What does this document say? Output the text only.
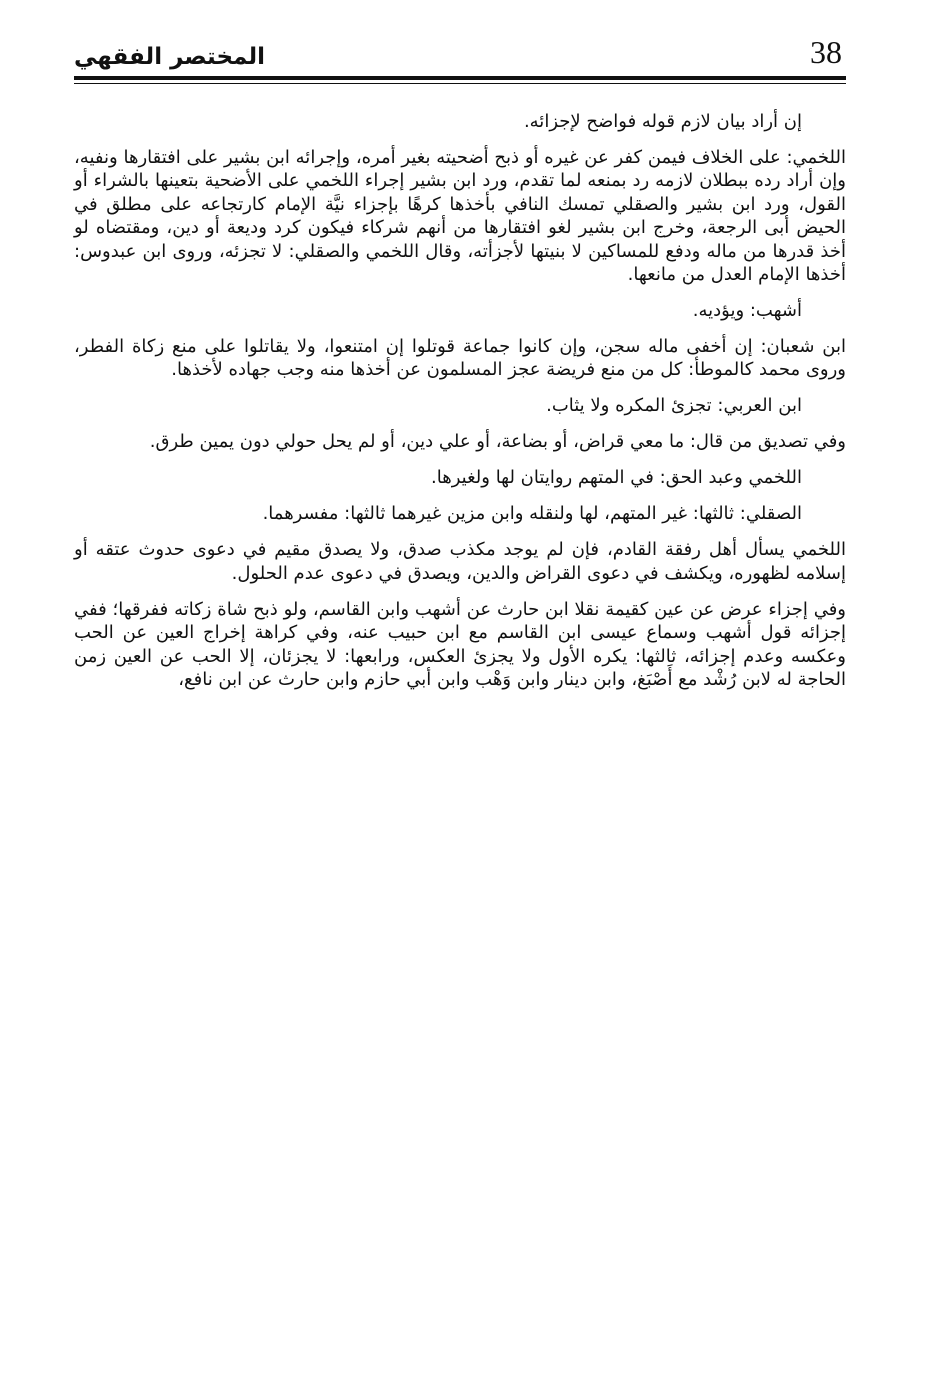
38
المختصر الفقهي

إن أراد بيان لازم قوله فواضح لإجزائه.

اللخمي: على الخلاف فيمن كفر عن غيره أو ذبح أضحيته بغير أمره، وإجرائه ابن بشير على افتقارها ونفيه، وإن أراد رده ببطلان لازمه رد بمنعه لما تقدم، ورد ابن بشير إجراء اللخمي على الأضحية بتعينها بالشراء أو القول، ورد ابن بشير والصقلي تمسك النافي بأخذها كرهًا بإجزاء نيَّة الإمام كارتجاعه على مطلق في الحيض أبى الرجعة، وخرج ابن بشير لغو افتقارها من أنهم شركاء فيكون كرد وديعة أو دين، ومقتضاه لو أخذ قدرها من ماله ودفع للمساكين لا بنيتها لأجزأته، وقال اللخمي والصقلي: لا تجزئه، وروى ابن عبدوس: أخذها الإمام العدل من مانعها.

أشهب: ويؤديه.

ابن شعبان: إن أخفى ماله سجن، وإن كانوا جماعة قوتلوا إن امتنعوا، ولا يقاتلوا على منع زكاة الفطر، وروى محمد كالموطأ: كل من منع فريضة عجز المسلمون عن أخذها منه وجب جهاده لأخذها.

ابن العربي: تجزئ المكره ولا يثاب.

وفي تصديق من قال: ما معي قراض، أو بضاعة، أو علي دين، أو لم يحل حولي دون يمين طرق.

اللخمي وعبد الحق: في المتهم روايتان لها ولغيرها.

الصقلي: ثالثها: غير المتهم، لها ولنقله وابن مزين غيرهما ثالثها: مفسرهما.

اللخمي يسأل أهل رفقة القادم، فإن لم يوجد مكذب صدق، ولا يصدق مقيم في دعوى حدوث عتقه أو إسلامه لظهوره، ويكشف في دعوى القراض والدين، ويصدق في دعوى عدم الحلول.

وفي إجزاء عرض عن عين كقيمة نقلا ابن حارث عن أشهب وابن القاسم، ولو ذبح شاة زكاته ففرقها؛ ففي إجزائه قول أشهب وسماع عيسى ابن القاسم مع ابن حبيب عنه، وفي كراهة إخراج العين عن الحب وعكسه وعدم إجزائه، ثالثها: يكره الأول ولا يجزئ العكس، ورابعها: لا يجزئان، إلا الحب عن العين زمن الحاجة له لابن رُشْد مع أَصْبَغ، وابن دينار وابن وَهْب وابن أبي حازم وابن حارث عن ابن نافع،
